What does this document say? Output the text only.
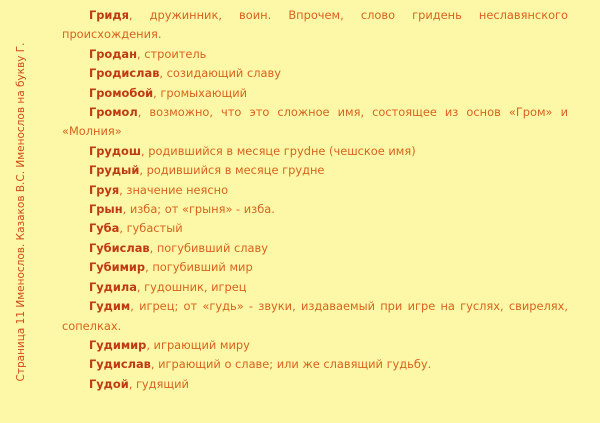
Страница 11 Именослов. Казаков В.С. Именослов на букву Г.

Гридя, дружинник, воин. Впрочем, слово гридень неславянского происхождения.

Гродан, строитель

Гродислав, созидающий славу

Громобой, громыхающий

Громол, возможно, что это сложное имя, состоящее из основ «Гром» и «Молния»

Грудош, родившийся в месяце груdне (чешское имя)

Грудый, родившийся в месяце грудне

Груя, значение неясно

Грын, изба; от «грыня» - изба.

Губа, губастый

Губислав, погубивший славу

Губимир, погубивший мир

Гудила, гудошник, игрец

Гудим, игрец; от «гудь» - звуки, издаваемый при игре на гуслях, свирелях, сопелках.

Гудимир, играющий миру

Гудислав, играющий о славе; или же славящий гудьбу.

Гудой, гудящий
